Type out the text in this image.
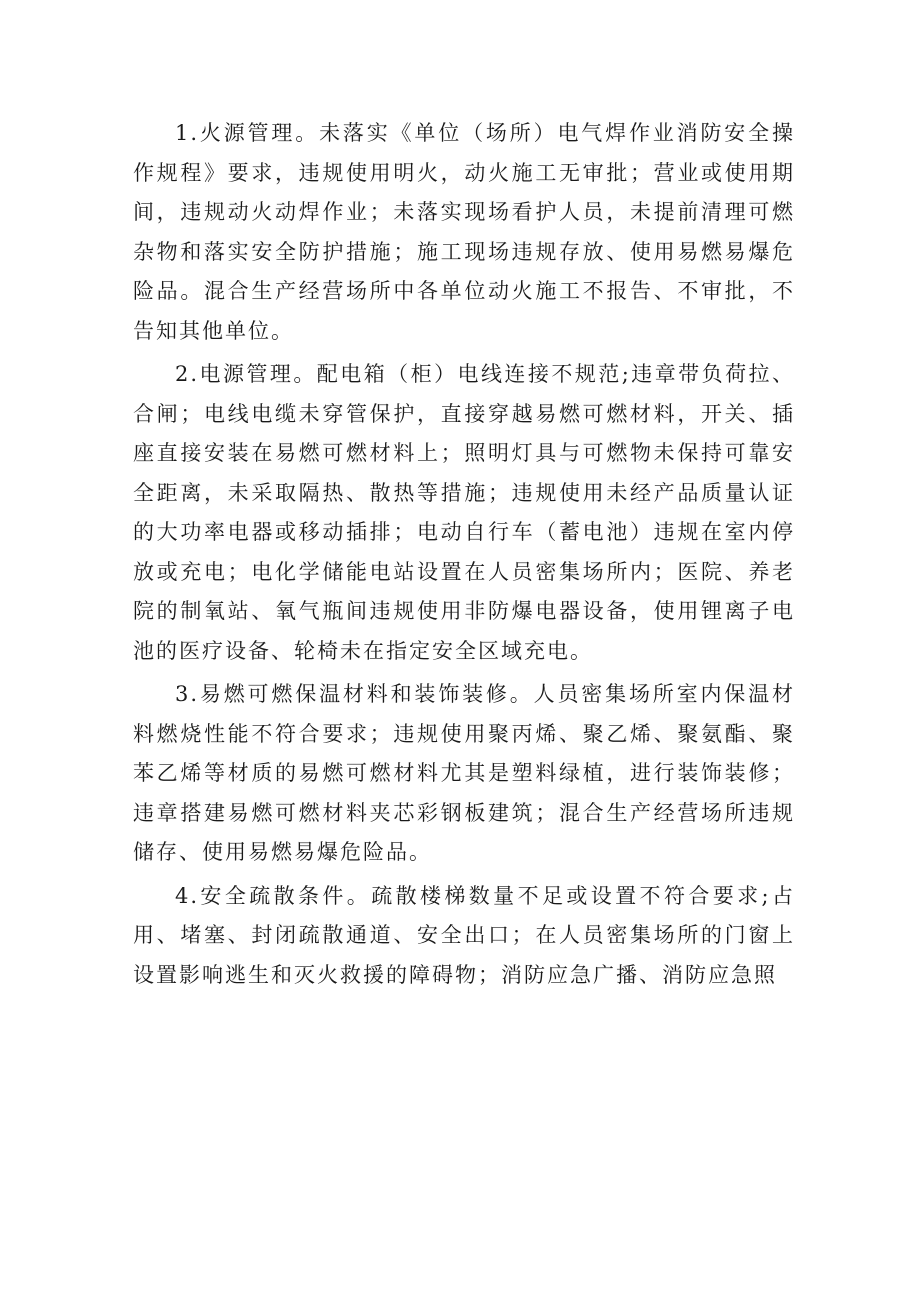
1.火源管理。未落实《单位（场所）电气焊作业消防安全操作规程》要求，违规使用明火，动火施工无审批；营业或使用期间，违规动火动焊作业；未落实现场看护人员，未提前清理可燃杂物和落实安全防护措施；施工现场违规存放、使用易燃易爆危险品。混合生产经营场所中各单位动火施工不报告、不审批，不告知其他单位。

2.电源管理。配电箱（柜）电线连接不规范;违章带负荷拉、合闸；电线电缆未穿管保护，直接穿越易燃可燃材料，开关、插座直接安装在易燃可燃材料上；照明灯具与可燃物未保持可靠安全距离，未采取隔热、散热等措施；违规使用未经产品质量认证的大功率电器或移动插排；电动自行车（蓄电池）违规在室内停放或充电；电化学储能电站设置在人员密集场所内；医院、养老院的制氧站、氧气瓶间违规使用非防爆电器设备，使用锂离子电池的医疗设备、轮椅未在指定安全区域充电。

3.易燃可燃保温材料和装饰装修。人员密集场所室内保温材料燃烧性能不符合要求；违规使用聚丙烯、聚乙烯、聚氨酯、聚苯乙烯等材质的易燃可燃材料尤其是塑料绿植，进行装饰装修；违章搭建易燃可燃材料夹芯彩钢板建筑；混合生产经营场所违规储存、使用易燃易爆危险品。

4.安全疏散条件。疏散楼梯数量不足或设置不符合要求;占用、堵塞、封闭疏散通道、安全出口；在人员密集场所的门窗上设置影响逃生和灭火救援的障碍物；消防应急广播、消防应急照
